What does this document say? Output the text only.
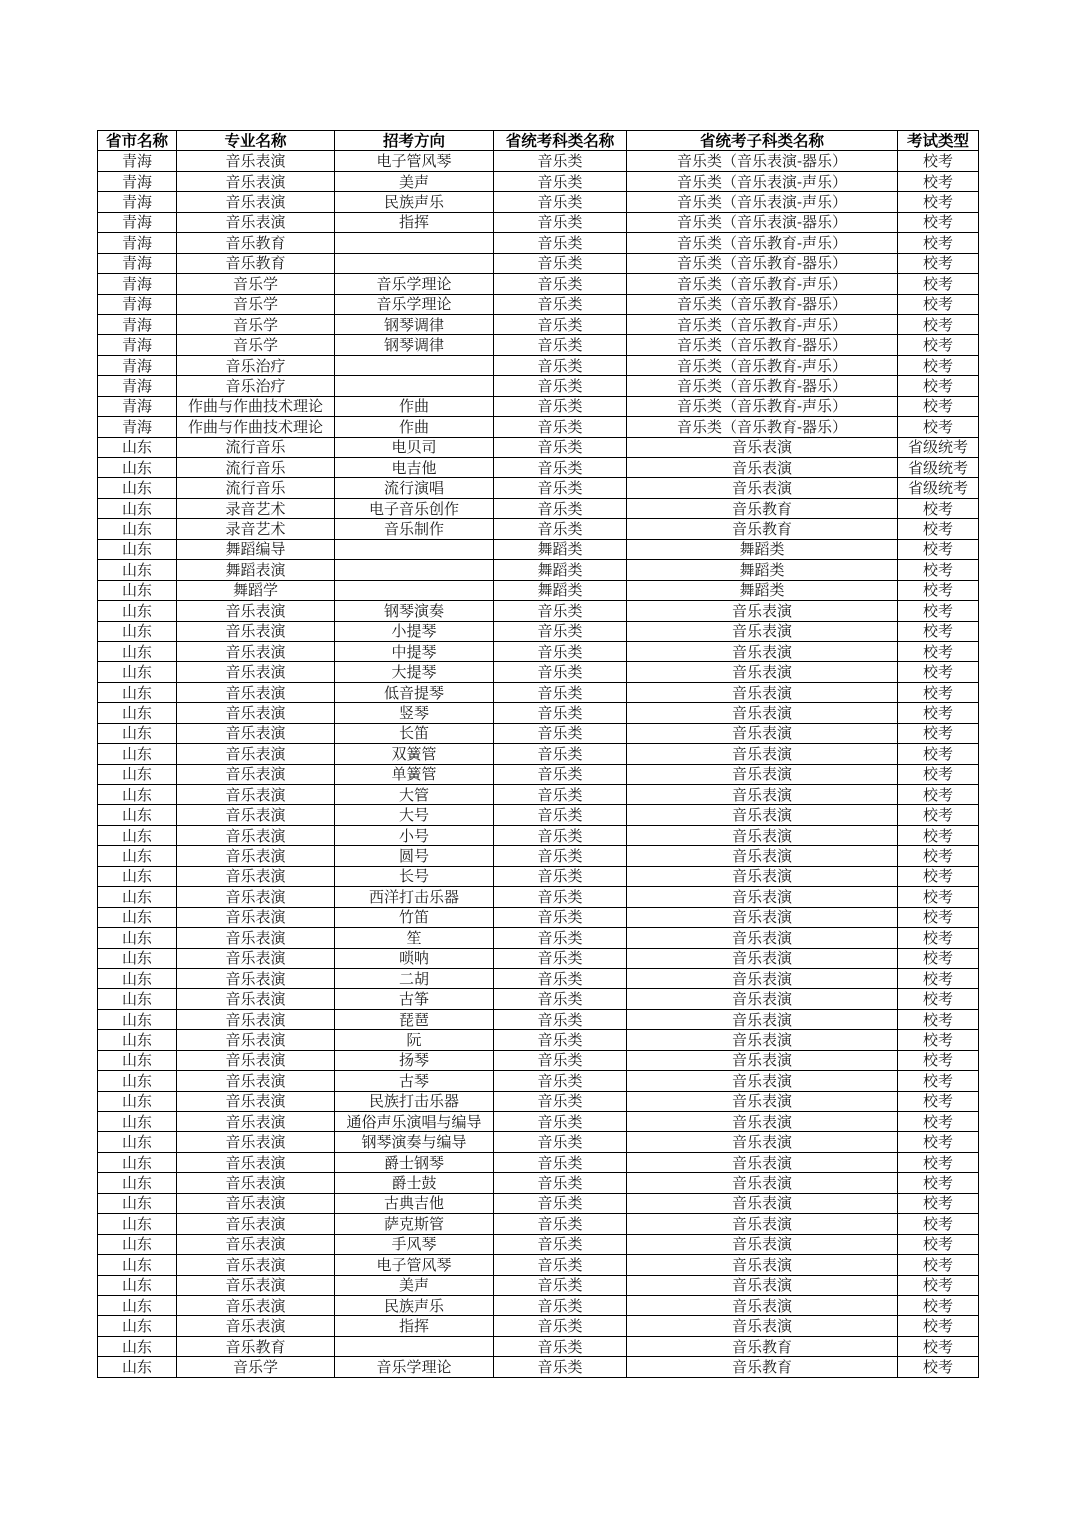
省市名称	专业名称	招考方向	省统考科类名称	省统考子科类名称	考试类型
青海	音乐表演	电子管风琴	音乐类	音乐类（音乐表演-器乐）	校考
青海	音乐表演	美声	音乐类	音乐类（音乐表演-声乐）	校考
青海	音乐表演	民族声乐	音乐类	音乐类（音乐表演-声乐）	校考
青海	音乐表演	指挥	音乐类	音乐类（音乐表演-器乐）	校考
青海	音乐教育		音乐类	音乐类（音乐教育-声乐）	校考
青海	音乐教育		音乐类	音乐类（音乐教育-器乐）	校考
青海	音乐学	音乐学理论	音乐类	音乐类（音乐教育-声乐）	校考
青海	音乐学	音乐学理论	音乐类	音乐类（音乐教育-器乐）	校考
青海	音乐学	钢琴调律	音乐类	音乐类（音乐教育-声乐）	校考
青海	音乐学	钢琴调律	音乐类	音乐类（音乐教育-器乐）	校考
青海	音乐治疗		音乐类	音乐类（音乐教育-声乐）	校考
青海	音乐治疗		音乐类	音乐类（音乐教育-器乐）	校考
青海	作曲与作曲技术理论	作曲	音乐类	音乐类（音乐教育-声乐）	校考
青海	作曲与作曲技术理论	作曲	音乐类	音乐类（音乐教育-器乐）	校考
山东	流行音乐	电贝司	音乐类	音乐表演	省级统考
山东	流行音乐	电吉他	音乐类	音乐表演	省级统考
山东	流行音乐	流行演唱	音乐类	音乐表演	省级统考
山东	录音艺术	电子音乐创作	音乐类	音乐教育	校考
山东	录音艺术	音乐制作	音乐类	音乐教育	校考
山东	舞蹈编导		舞蹈类	舞蹈类	校考
山东	舞蹈表演		舞蹈类	舞蹈类	校考
山东	舞蹈学		舞蹈类	舞蹈类	校考
山东	音乐表演	钢琴演奏	音乐类	音乐表演	校考
山东	音乐表演	小提琴	音乐类	音乐表演	校考
山东	音乐表演	中提琴	音乐类	音乐表演	校考
山东	音乐表演	大提琴	音乐类	音乐表演	校考
山东	音乐表演	低音提琴	音乐类	音乐表演	校考
山东	音乐表演	竖琴	音乐类	音乐表演	校考
山东	音乐表演	长笛	音乐类	音乐表演	校考
山东	音乐表演	双簧管	音乐类	音乐表演	校考
山东	音乐表演	单簧管	音乐类	音乐表演	校考
山东	音乐表演	大管	音乐类	音乐表演	校考
山东	音乐表演	大号	音乐类	音乐表演	校考
山东	音乐表演	小号	音乐类	音乐表演	校考
山东	音乐表演	圆号	音乐类	音乐表演	校考
山东	音乐表演	长号	音乐类	音乐表演	校考
山东	音乐表演	西洋打击乐器	音乐类	音乐表演	校考
山东	音乐表演	竹笛	音乐类	音乐表演	校考
山东	音乐表演	笙	音乐类	音乐表演	校考
山东	音乐表演	唢呐	音乐类	音乐表演	校考
山东	音乐表演	二胡	音乐类	音乐表演	校考
山东	音乐表演	古筝	音乐类	音乐表演	校考
山东	音乐表演	琵琶	音乐类	音乐表演	校考
山东	音乐表演	阮	音乐类	音乐表演	校考
山东	音乐表演	扬琴	音乐类	音乐表演	校考
山东	音乐表演	古琴	音乐类	音乐表演	校考
山东	音乐表演	民族打击乐器	音乐类	音乐表演	校考
山东	音乐表演	通俗声乐演唱与编导	音乐类	音乐表演	校考
山东	音乐表演	钢琴演奏与编导	音乐类	音乐表演	校考
山东	音乐表演	爵士钢琴	音乐类	音乐表演	校考
山东	音乐表演	爵士鼓	音乐类	音乐表演	校考
山东	音乐表演	古典吉他	音乐类	音乐表演	校考
山东	音乐表演	萨克斯管	音乐类	音乐表演	校考
山东	音乐表演	手风琴	音乐类	音乐表演	校考
山东	音乐表演	电子管风琴	音乐类	音乐表演	校考
山东	音乐表演	美声	音乐类	音乐表演	校考
山东	音乐表演	民族声乐	音乐类	音乐表演	校考
山东	音乐表演	指挥	音乐类	音乐表演	校考
山东	音乐教育		音乐类	音乐教育	校考
山东	音乐学	音乐学理论	音乐类	音乐教育	校考
